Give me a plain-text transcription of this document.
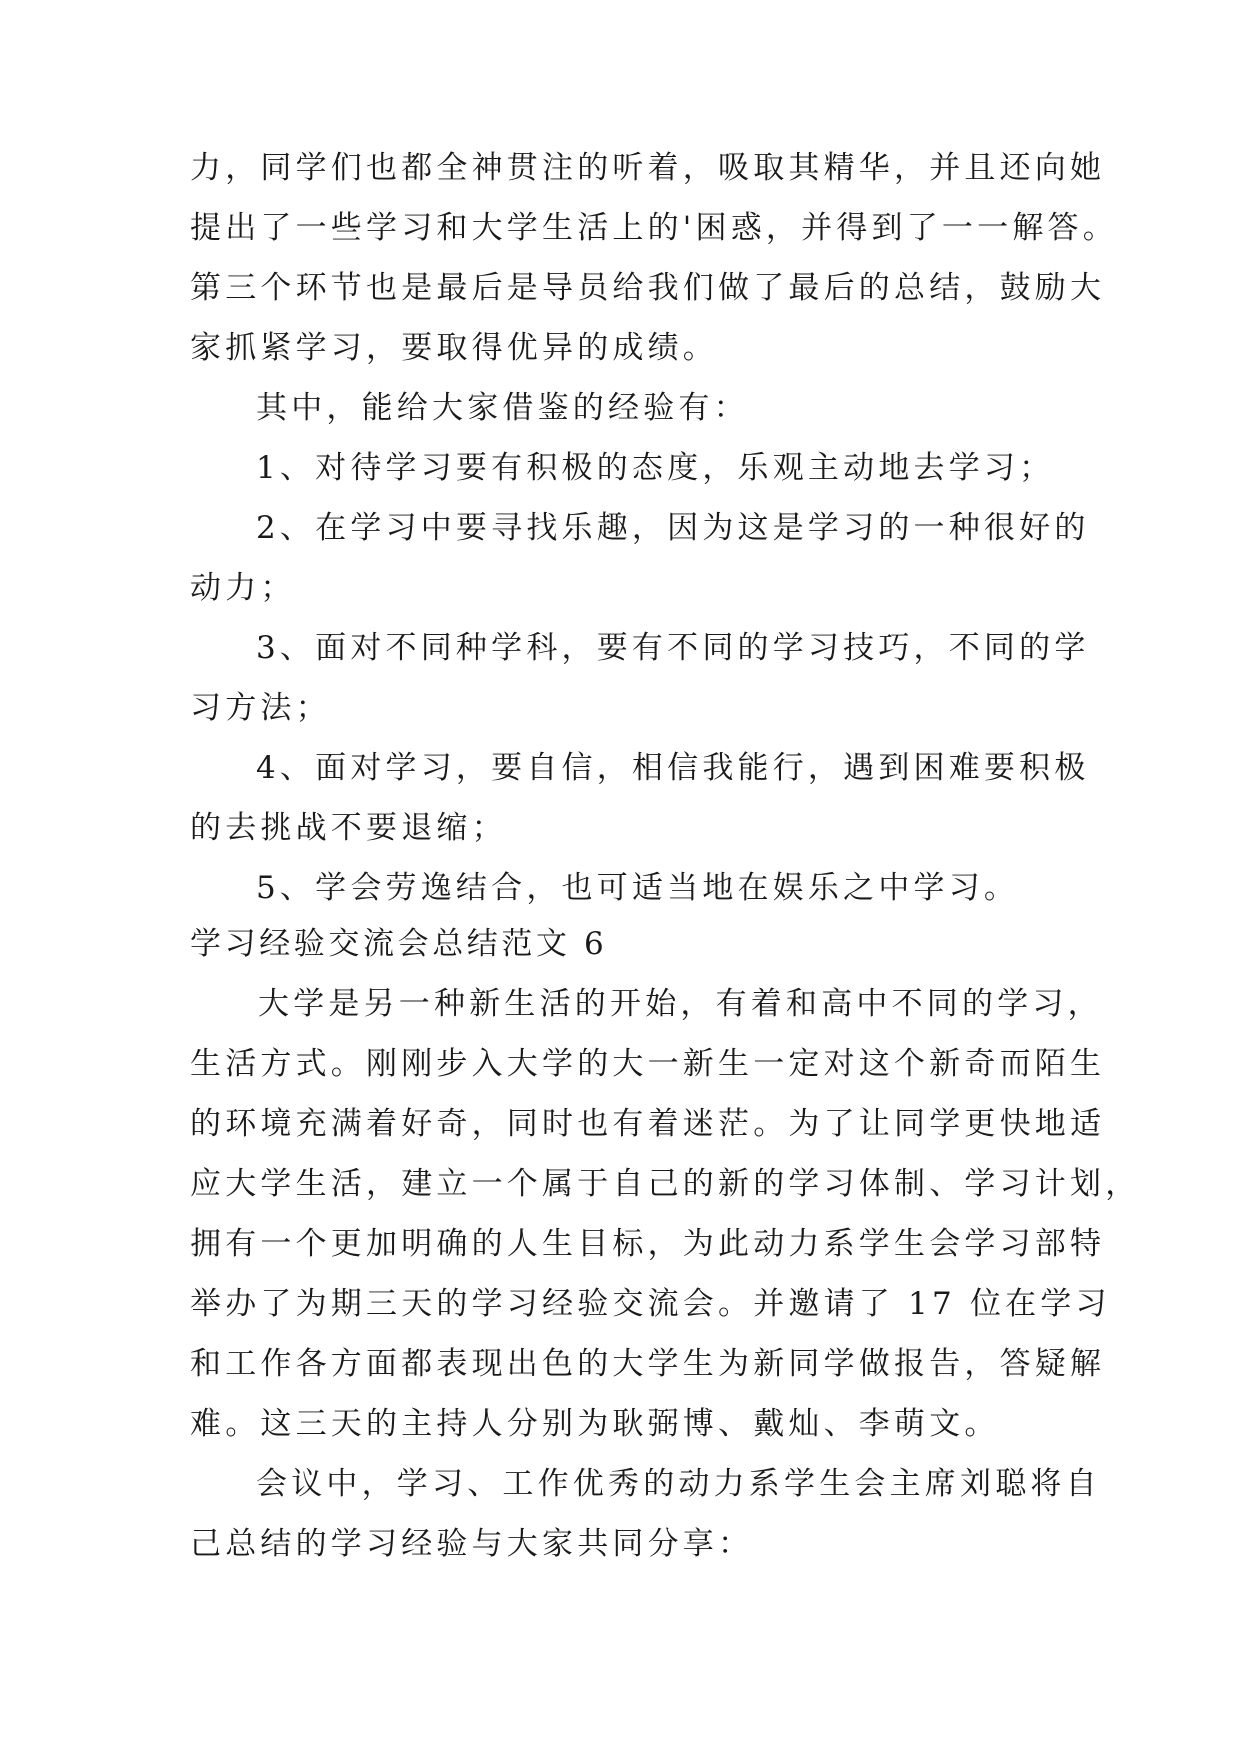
力，同学们也都全神贯注的听着，吸取其精华，并且还向她
提出了一些学习和大学生活上的'困惑，并得到了一一解答。
第三个环节也是最后是导员给我们做了最后的总结，鼓励大
家抓紧学习，要取得优异的成绩。
其中，能给大家借鉴的经验有：
1、对待学习要有积极的态度，乐观主动地去学习；
2、在学习中要寻找乐趣，因为这是学习的一种很好的
动力；
3、面对不同种学科，要有不同的学习技巧，不同的学
习方法；
4、面对学习，要自信，相信我能行，遇到困难要积极
的去挑战不要退缩；
5、学会劳逸结合，也可适当地在娱乐之中学习。
学习经验交流会总结范文 6
大学是另一种新生活的开始，有着和高中不同的学习，
生活方式。刚刚步入大学的大一新生一定对这个新奇而陌生
的环境充满着好奇，同时也有着迷茫。为了让同学更快地适
应大学生活，建立一个属于自己的新的学习体制、学习计划，
拥有一个更加明确的人生目标，为此动力系学生会学习部特
举办了为期三天的学习经验交流会。并邀请了 17 位在学习
和工作各方面都表现出色的大学生为新同学做报告，答疑解
难。这三天的主持人分别为耿弼博、戴灿、李萌文。
会议中，学习、工作优秀的动力系学生会主席刘聪将自
己总结的学习经验与大家共同分享：
